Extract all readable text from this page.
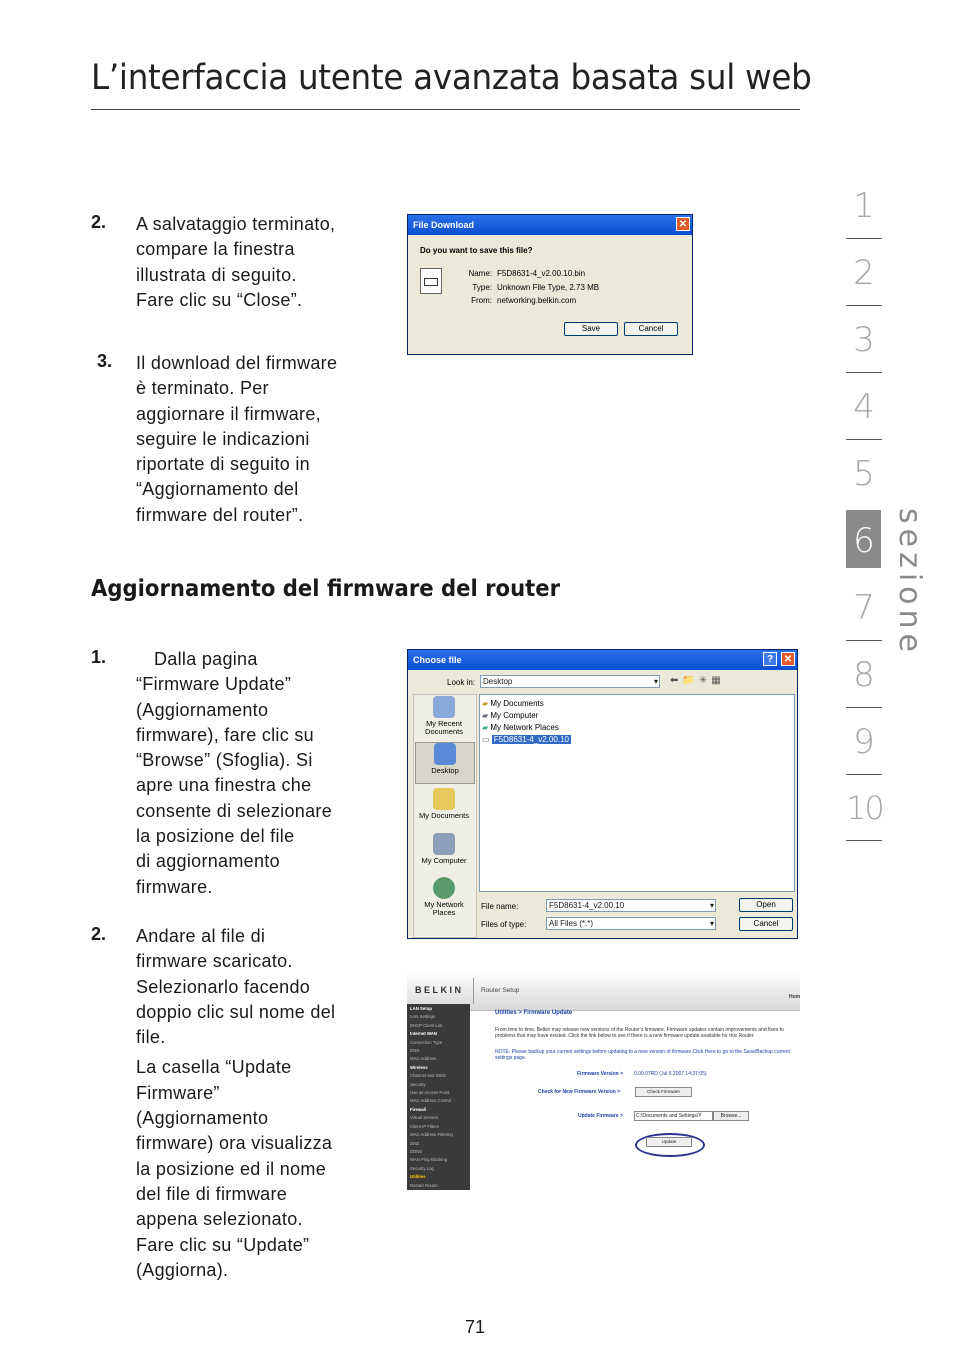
L’interfaccia utente avanzata basata sul web
2. A salvataggio terminato,
compare la finestra
illustrata di seguito.
Fare clic su “Close”.
3. Il download del firmware
è terminato. Per
aggiornare il firmware,
seguire le indicazioni
riportate di seguito in
“Aggiornamento del
firmware del router”.
File Download	✕
Do you want to save this file?
Name: F5D8631-4_v2.00.10.bin
Type: Unknown File Type, 2.73 MB
From: networking.belkin.com
Save	Cancel
Aggiornamento del firmware del router
1.	Dalla pagina
“Firmware Update”
(Aggiornamento
firmware), fare clic su
“Browse” (Sfoglia). Si
apre una finestra che
consente di selezionare
la posizione del file
di aggiornamento
firmware.
Choose file	?	✕
Look in: Desktop	▾ ⬅📁✳▦
My Recent Documents
Desktop
My Documents
My Computer
My Network Places
▰ My Documents
▰ My Computer
▰ My Network Places
▭ F5D8631-4_v2.00.10
File name:	F5D8631-4_v2.00.10	▾
Files of type:	All Files (*.*)	▾
Open
Cancel
2. Andare al file di
firmware scaricato.
Selezionarlo facendo
doppio clic sul nome del
file.
La casella “Update
Firmware”
(Aggiornamento
firmware) ora visualizza
la posizione ed il nome
del file di firmware
appena selezionato.
Fare clic su “Update”
(Aggiorna).
BELKIN	Router Setup
Hom
LAN Setup
LAN Settings
DHCP Client List
Internet WAN
Connection Type
DNS
MAC Address
Wireless
Channel and SSID
Security
Use as Access Point
MAC Address Control
Firewall
Virtual Servers
Client IP Filters
MAC Address Filtering
DMZ
DDNS
WAN Ping Blocking
Security Log
Utilities
Restart Router
Utilities > Firmware Update
From time to time, Belkin may release new versions of the Router's firmware. Firmware updates contain improvements and fixes to problems that may have existed. Click the link below to see if there is a new firmware update available for this Router.
NOTE: Please backup your current settings before updating to a new version of firmware.Click Here to go to the Save/Backup current settings page.
Firmware Version > 0.00.07RD (Jul 6 2007 14:37:05)
Check for New Firmware Version >	Check Firmware
Update Firmware >	C:\Documents and Settings\Y	Browse...
Update
1
2
3
4
5
6
7
8
9
10
sezione
71
